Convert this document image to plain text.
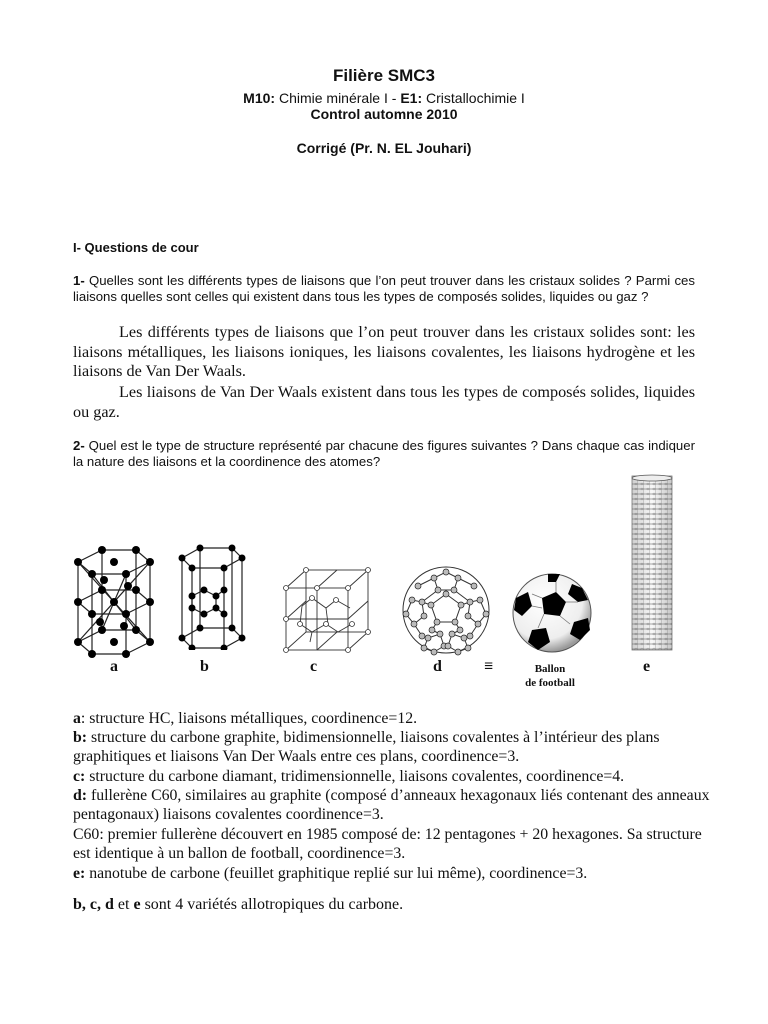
Filière SMC3
M10: Chimie minérale I - E1: Cristallochimie I
Control automne 2010
Corrigé (Pr. N. EL Jouhari)
I- Questions de cour
1- Quelles sont les différents types de liaisons que l’on peut trouver dans les cristaux solides ? Parmi ces liaisons quelles sont celles qui existent dans tous les types de composés solides, liquides ou gaz ?
Les différents types de liaisons que l’on peut trouver dans les cristaux solides sont: les liaisons métalliques, les liaisons ioniques, les liaisons covalentes, les liaisons hydrogène et les liaisons de Van Der Waals.
Les liaisons de Van Der Waals existent dans tous les types de composés solides, liquides ou gaz.
2- Quel est le type de structure représenté par chacune des figures suivantes ? Dans chaque cas indiquer la nature des liaisons et la coordinence des atomes?
a	b	c	d	≡	Ballon
de football
e
a: structure HC, liaisons métalliques, coordinence=12.
b: structure du carbone graphite, bidimensionnelle, liaisons covalentes à l’intérieur des plans graphitiques et liaisons Van Der Waals entre ces plans, coordinence=3.
c: structure du carbone diamant, tridimensionnelle, liaisons covalentes, coordinence=4.
d: fullerène C60, similaires au graphite (composé d’anneaux hexagonaux liés contenant des anneaux pentagonaux) liaisons covalentes coordinence=3.
C60: premier fullerène découvert en 1985 composé de: 12 pentagones + 20 hexagones. Sa structure est identique à un ballon de football, coordinence=3.
e: nanotube de carbone (feuillet graphitique replié sur lui même), coordinence=3.
b, c, d et e sont 4 variétés allotropiques du carbone.
